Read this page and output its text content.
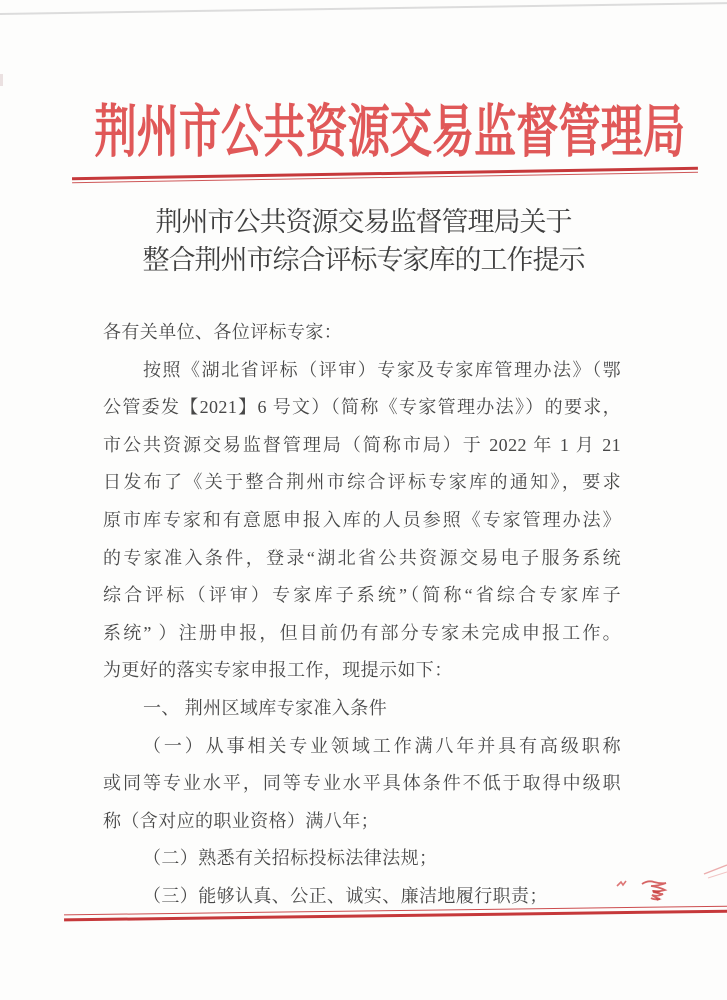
荆州市公共资源交易监督管理局
荆州市公共资源交易监督管理局关于
整合荆州市综合评标专家库的工作提示
各有关单位、各位评标专家：
按照《湖北省评标（评审）专家及专家库管理办法》（鄂
公管委发【2021】6 号文）（简称《专家管理办法》）的要求，
市公共资源交易监督管理局（简称市局）于 2022 年 1 月 21
日发布了《关于整合荆州市综合评标专家库的通知》，要求
原市库专家和有意愿申报入库的人员参照《专家管理办法》
的专家准入条件，登录“湖北省公共资源交易电子服务系统
综合评标（评审）专家库子系统”（简称“省综合专家库子
系统” ）注册申报，但目前仍有部分专家未完成申报工作。
为更好的落实专家申报工作，现提示如下：
一、 荆州区域库专家准入条件
（一）从事相关专业领域工作满八年并具有高级职称
或同等专业水平，同等专业水平具体条件不低于取得中级职
称（含对应的职业资格）满八年；
（二）熟悉有关招标投标法律法规；
（三）能够认真、公正、诚实、廉洁地履行职责；
